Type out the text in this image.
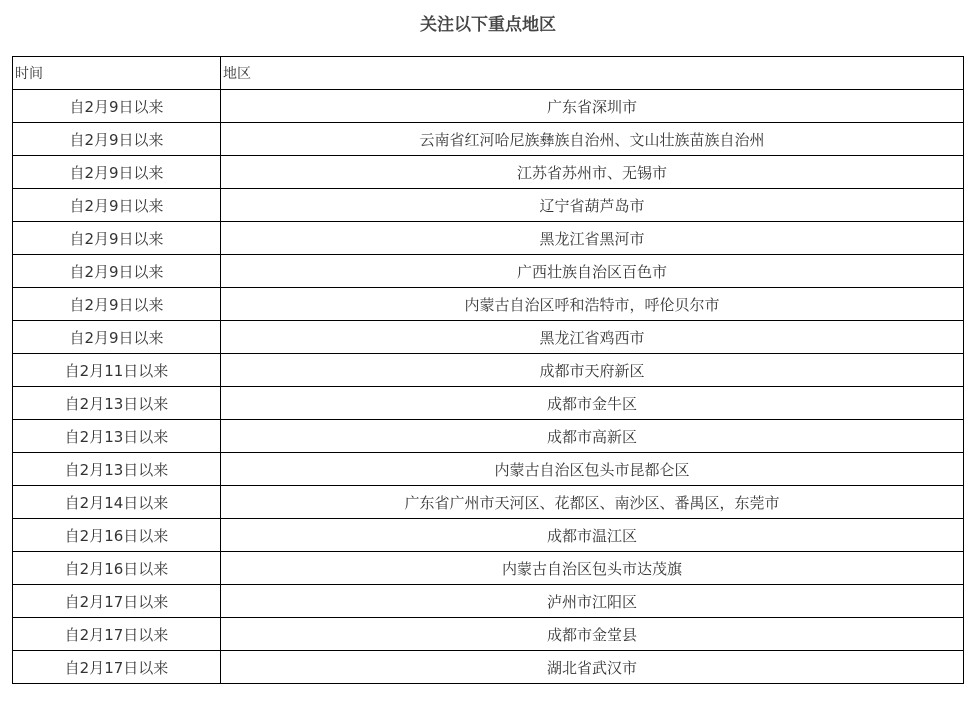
关注以下重点地区
时间	地区
自2月9日以来	广东省深圳市
自2月9日以来	云南省红河哈尼族彝族自治州、文山壮族苗族自治州
自2月9日以来	江苏省苏州市、无锡市
自2月9日以来	辽宁省葫芦岛市
自2月9日以来	黑龙江省黑河市
自2月9日以来	广西壮族自治区百色市
自2月9日以来	内蒙古自治区呼和浩特市，呼伦贝尔市
自2月9日以来	黑龙江省鸡西市
自2月11日以来	成都市天府新区
自2月13日以来	成都市金牛区
自2月13日以来	成都市高新区
自2月13日以来	内蒙古自治区包头市昆都仑区
自2月14日以来	广东省广州市天河区、花都区、南沙区、番禺区，东莞市
自2月16日以来	成都市温江区
自2月16日以来	内蒙古自治区包头市达茂旗
自2月17日以来	泸州市江阳区
自2月17日以来	成都市金堂县
自2月17日以来	湖北省武汉市
